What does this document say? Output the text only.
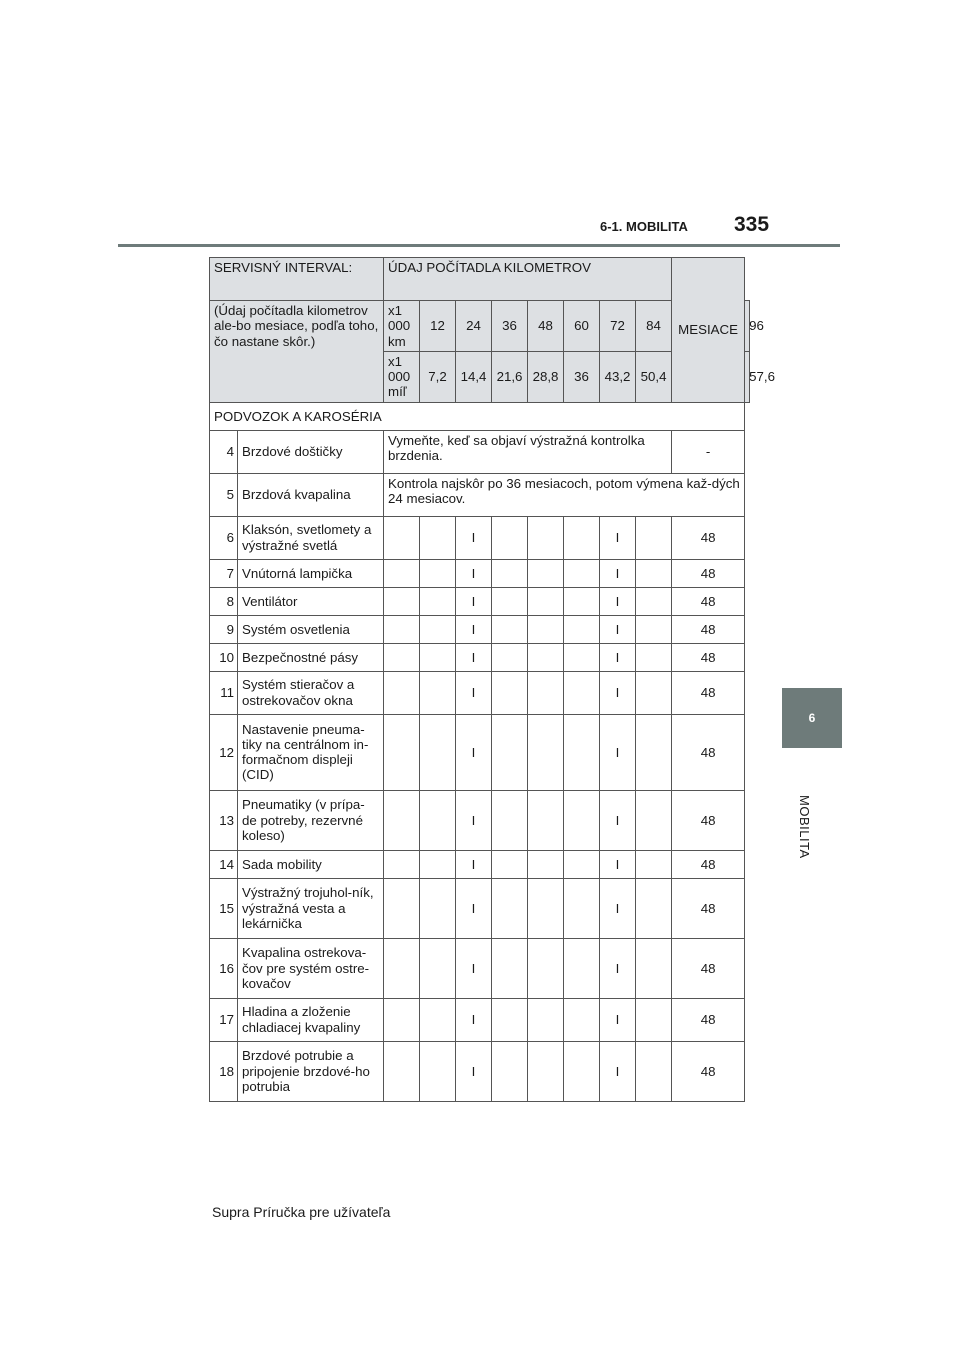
6-1. MOBILITA 335
6
MOBILITA
SERVISNÝ INTERVAL:		ÚDAJ POČÍTADLA KILOMETROV								MESIACE	
(Údaj počítadla kilometrov ale-bo mesiace, podľa toho, čo nastane skôr.)		x1 000 km	12	24	36	48	60	72	84		96
		x1 000 míľ	7,2	14,4	21,6	28,8	36	43,2	50,4		57,6
PODVOZOK A KAROSÉRIA											
4	Brzdové doštičky	Vymeňte, keď sa objaví výstražná kontrolka brzdenia.								-	
5	Brzdová kvapalina	Kontrola najskôr po 36 mesiacoch, potom výmena kaž-dých 24 mesiacov.									
6	Klaksón, svetlomety a výstražné svetlá			I				I		48	
7	Vnútorná lampička			I				I		48	
8	Ventilátor			I				I		48	
9	Systém osvetlenia			I				I		48	
10	Bezpečnostné pásy			I				I		48	
11	Systém stieračov a ostrekovačov okna			I				I		48	
12	Nastavenie pneuma-tiky na centrálnom in-formačnom displeji (CID)			I				I		48	
13	Pneumatiky (v prípa-de potreby, rezervné koleso)			I				I		48	
14	Sada mobility			I				I		48	
15	Výstražný trojuhol-ník, výstražná vesta a lekárnička			I				I		48	
16	Kvapalina ostrekova-čov pre systém ostre-kovačov			I				I		48	
17	Hladina a zloženie chladiacej kvapaliny			I				I		48	
18	Brzdové potrubie a pripojenie brzdové-ho potrubia			I				I		48	
Supra Príručka pre užívateľa
